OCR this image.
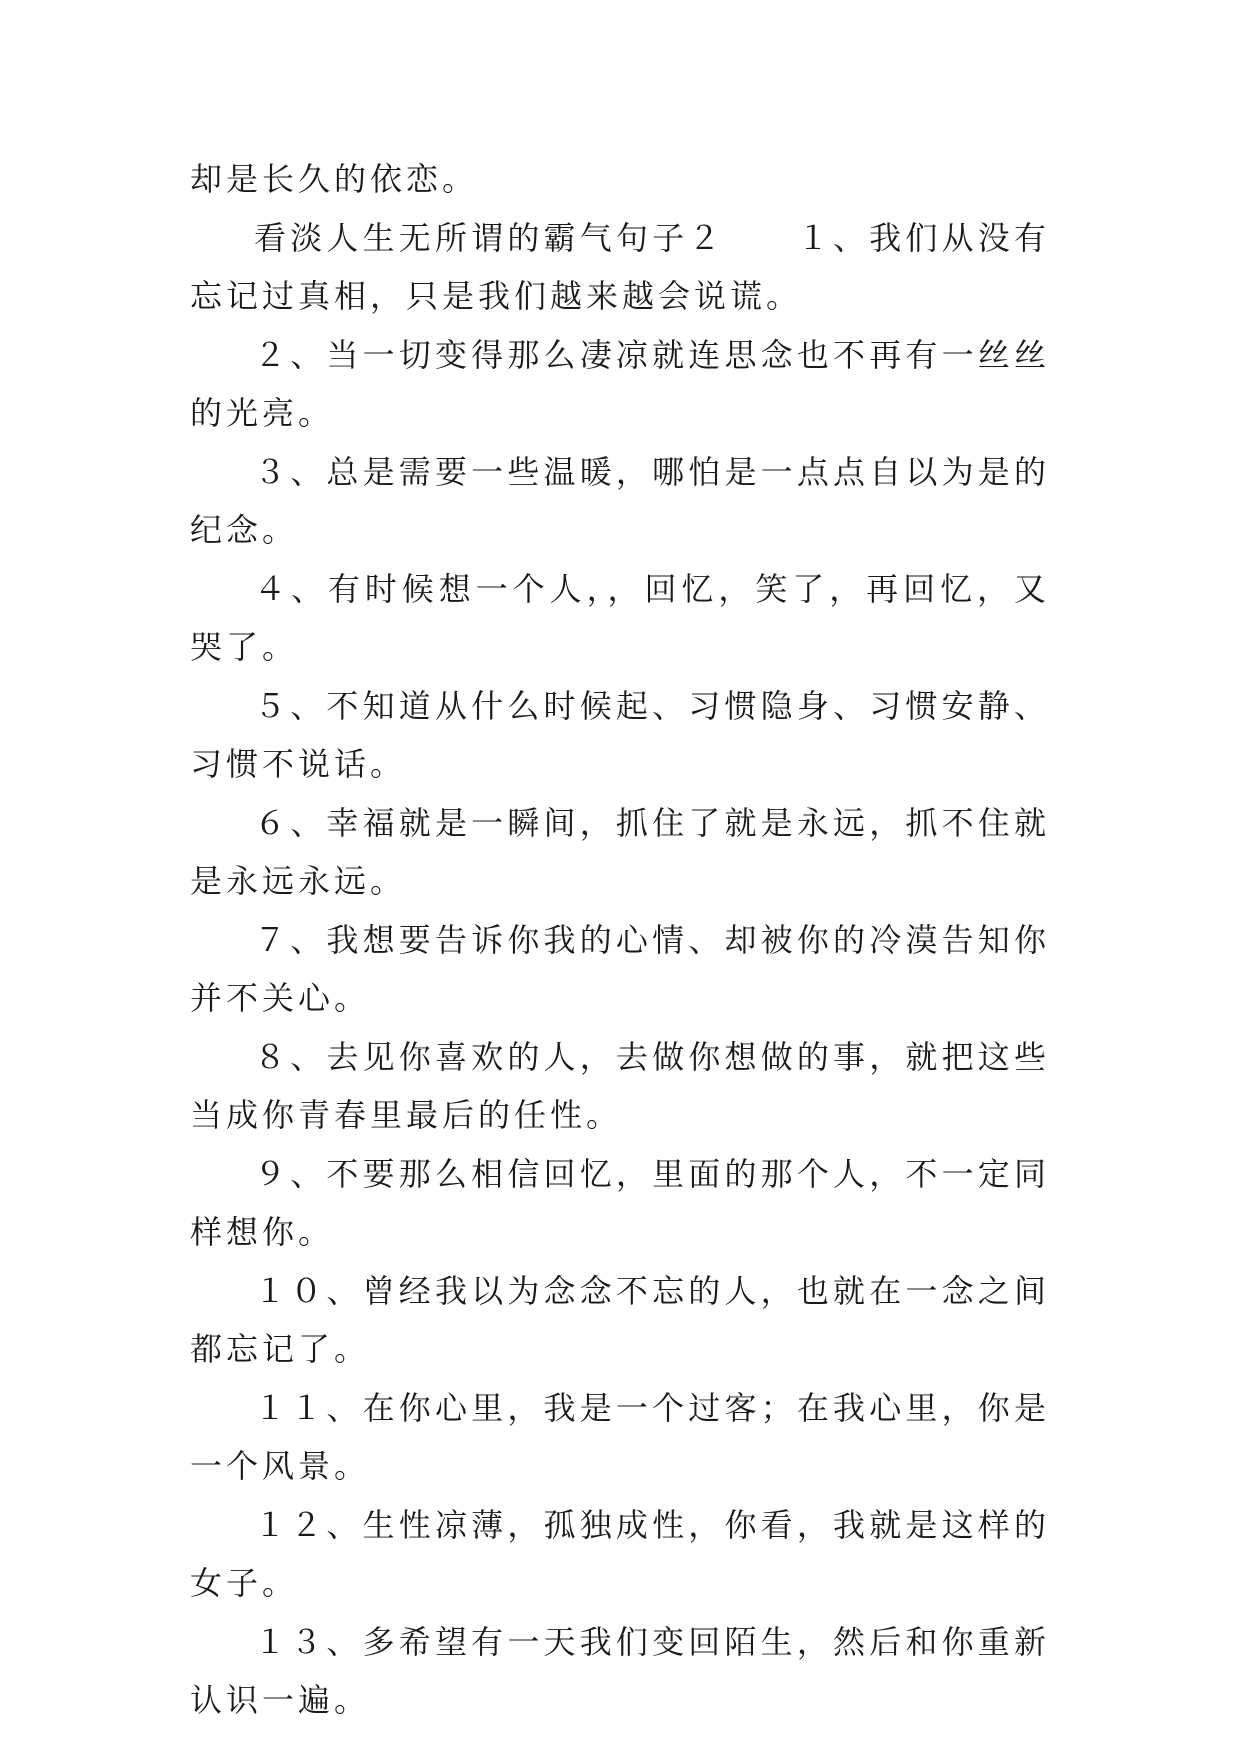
却是长久的依恋。

看淡人生无所谓的霸气句子２　　１、我们从没有忘记过真相，只是我们越来越会说谎。

２、当一切变得那么凄凉就连思念也不再有一丝丝的光亮。

３、总是需要一些温暖，哪怕是一点点自以为是的纪念。

４、有时候想一个人，，回忆，笑了，再回忆，又哭了。

５、不知道从什么时候起、习惯隐身、习惯安静、习惯不说话。

６、幸福就是一瞬间，抓住了就是永远，抓不住就是永远永远。

７、我想要告诉你我的心情、却被你的冷漠告知你并不关心。

８、去见你喜欢的人，去做你想做的事，就把这些当成你青春里最后的任性。

９、不要那么相信回忆，里面的那个人，不一定同样想你。

１０、曾经我以为念念不忘的人，也就在一念之间都忘记了。

１１、在你心里，我是一个过客；在我心里，你是一个风景。

１２、生性凉薄，孤独成性，你看，我就是这样的女子。

１３、多希望有一天我们变回陌生，然后和你重新认识一遍。
